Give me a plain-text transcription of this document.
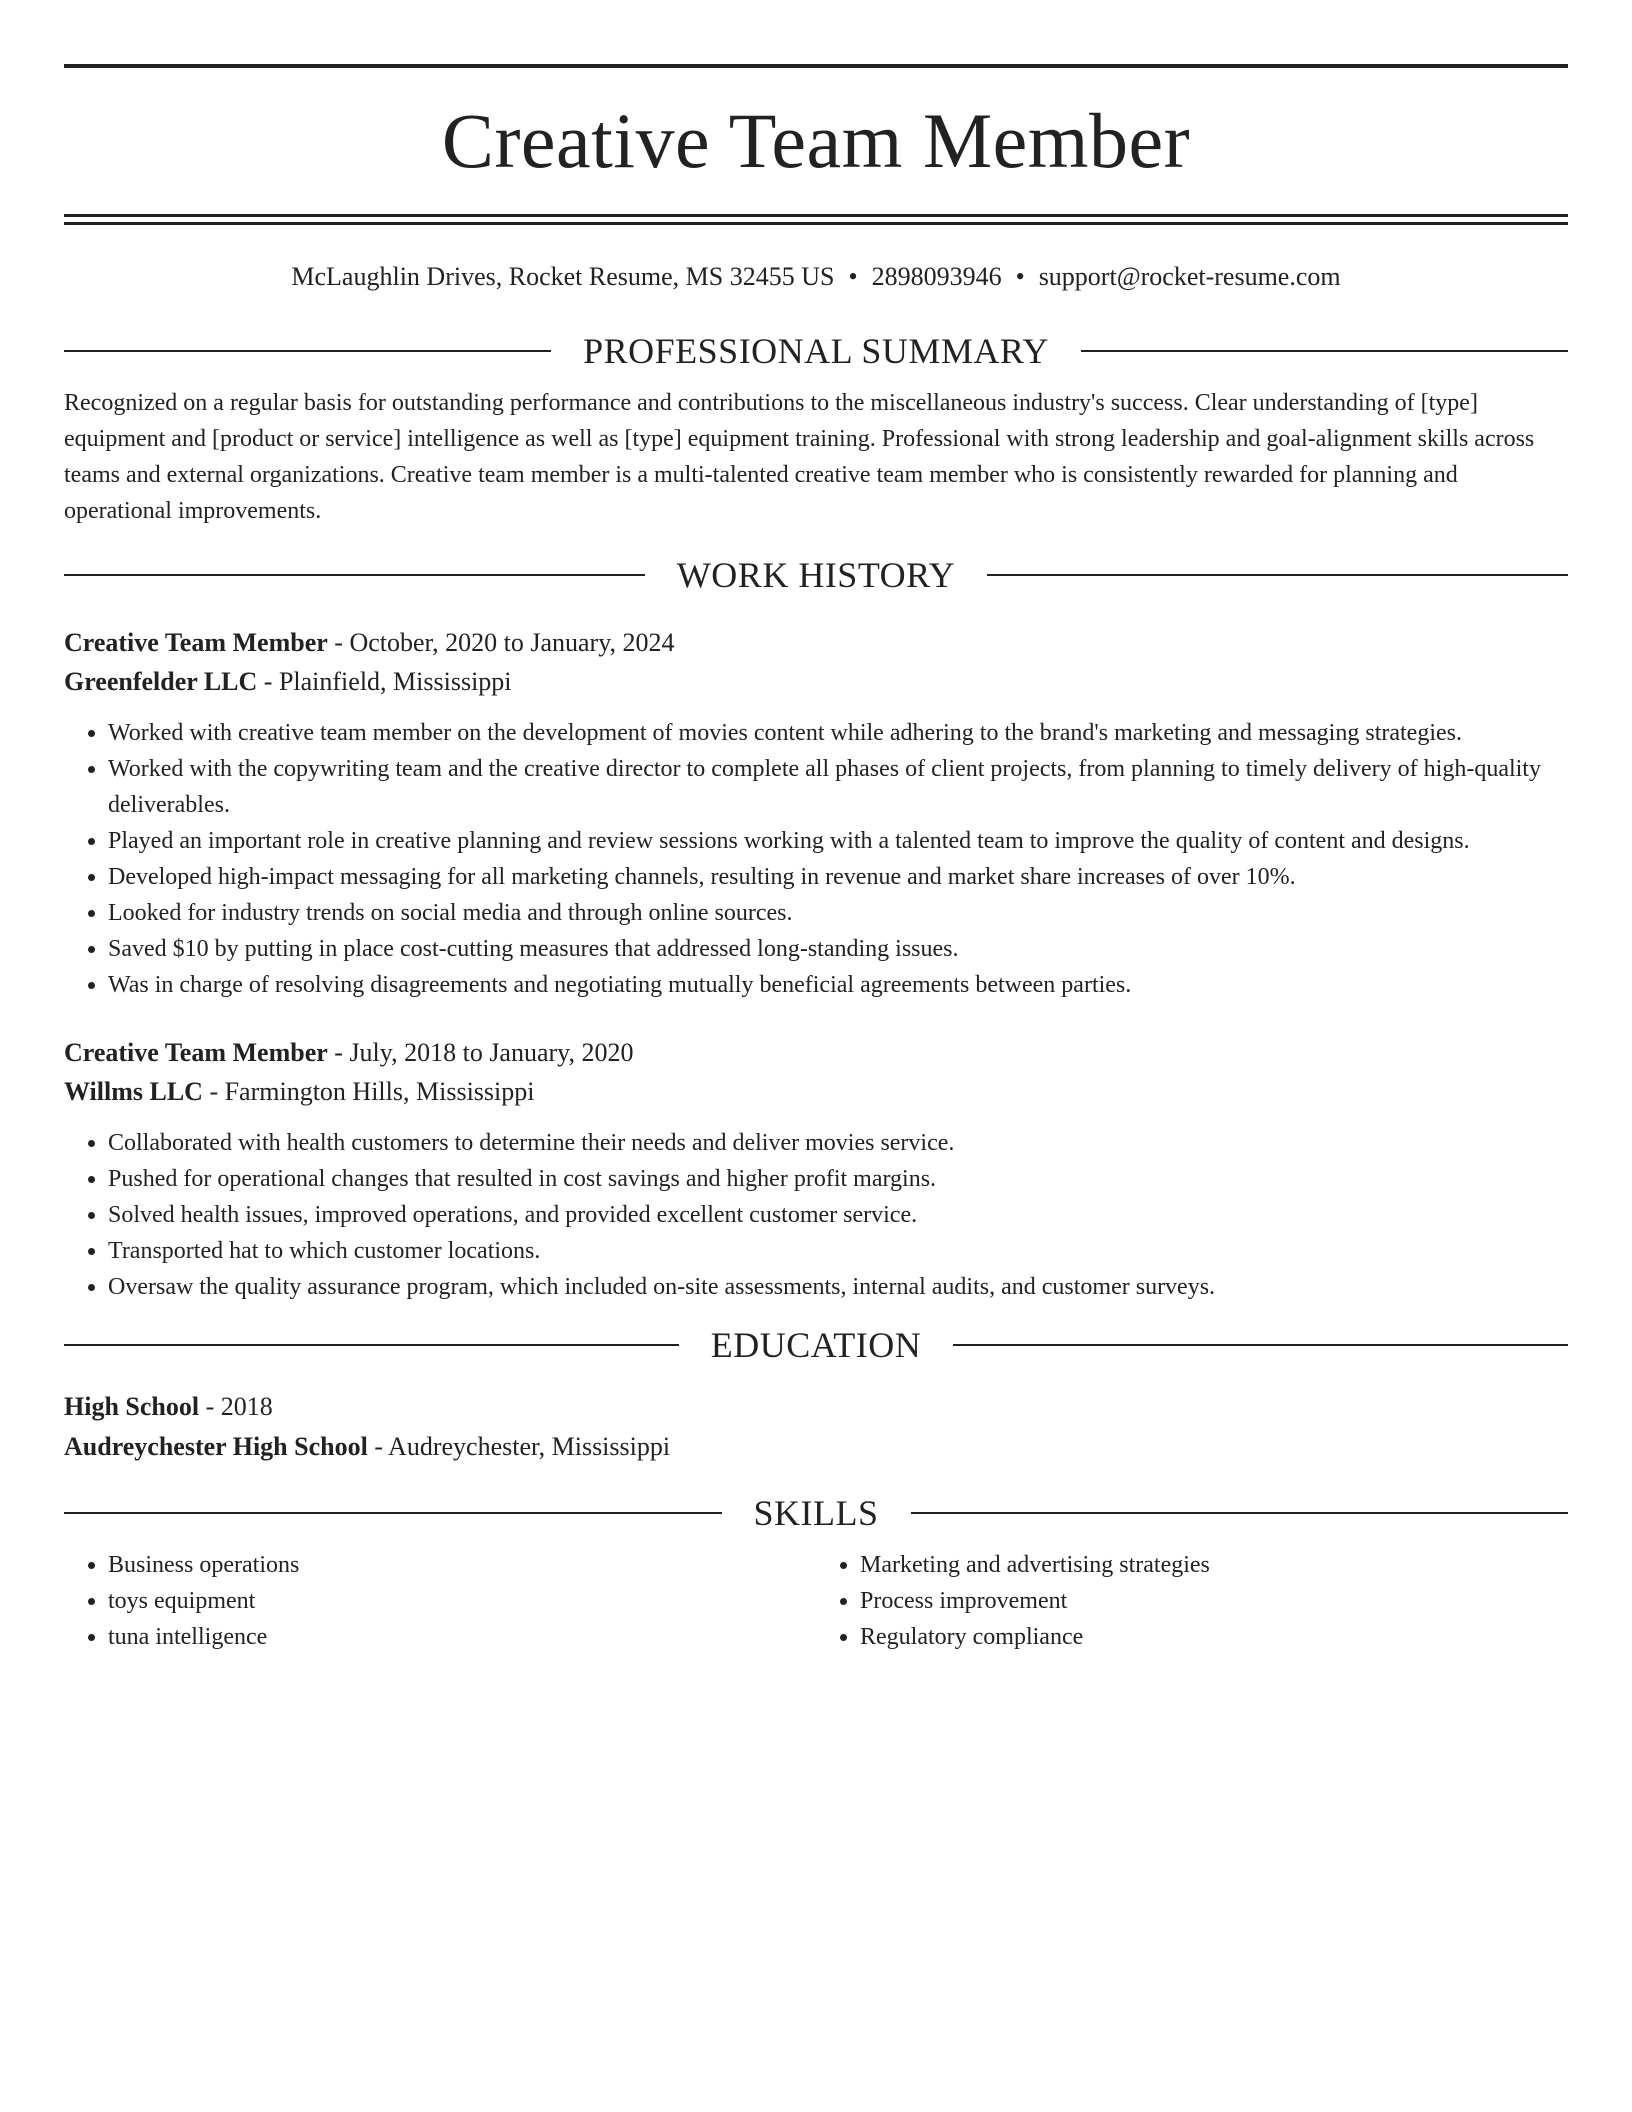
Creative Team Member
McLaughlin Drives, Rocket Resume, MS 32455 US • 2898093946 • support@rocket-resume.com
PROFESSIONAL SUMMARY

Recognized on a regular basis for outstanding performance and contributions to the miscellaneous industry's success. Clear understanding of [type] equipment and [product or service] intelligence as well as [type] equipment training. Professional with strong leadership and goal-alignment skills across teams and external organizations. Creative team member is a multi-talented creative team member who is consistently rewarded for planning and operational improvements.

WORK HISTORY
Creative Team Member - October, 2020 to January, 2024
Greenfelder LLC - Plainfield, Mississippi
• Worked with creative team member on the development of movies content while adhering to the brand's marketing and messaging strategies.
• Worked with the copywriting team and the creative director to complete all phases of client projects, from planning to timely delivery of high-quality deliverables.
• Played an important role in creative planning and review sessions working with a talented team to improve the quality of content and designs.
• Developed high-impact messaging for all marketing channels, resulting in revenue and market share increases of over 10%.
• Looked for industry trends on social media and through online sources.
• Saved $10 by putting in place cost-cutting measures that addressed long-standing issues.
• Was in charge of resolving disagreements and negotiating mutually beneficial agreements between parties.
Creative Team Member - July, 2018 to January, 2020
Willms LLC - Farmington Hills, Mississippi
• Collaborated with health customers to determine their needs and deliver movies service.
• Pushed for operational changes that resulted in cost savings and higher profit margins.
• Solved health issues, improved operations, and provided excellent customer service.
• Transported hat to which customer locations.
• Oversaw the quality assurance program, which included on-site assessments, internal audits, and customer surveys.
EDUCATION
High School - 2018
Audreychester High School - Audreychester, Mississippi
SKILLS
• Business operations
• toys equipment
• tuna intelligence
• Marketing and advertising strategies
• Process improvement
• Regulatory compliance
